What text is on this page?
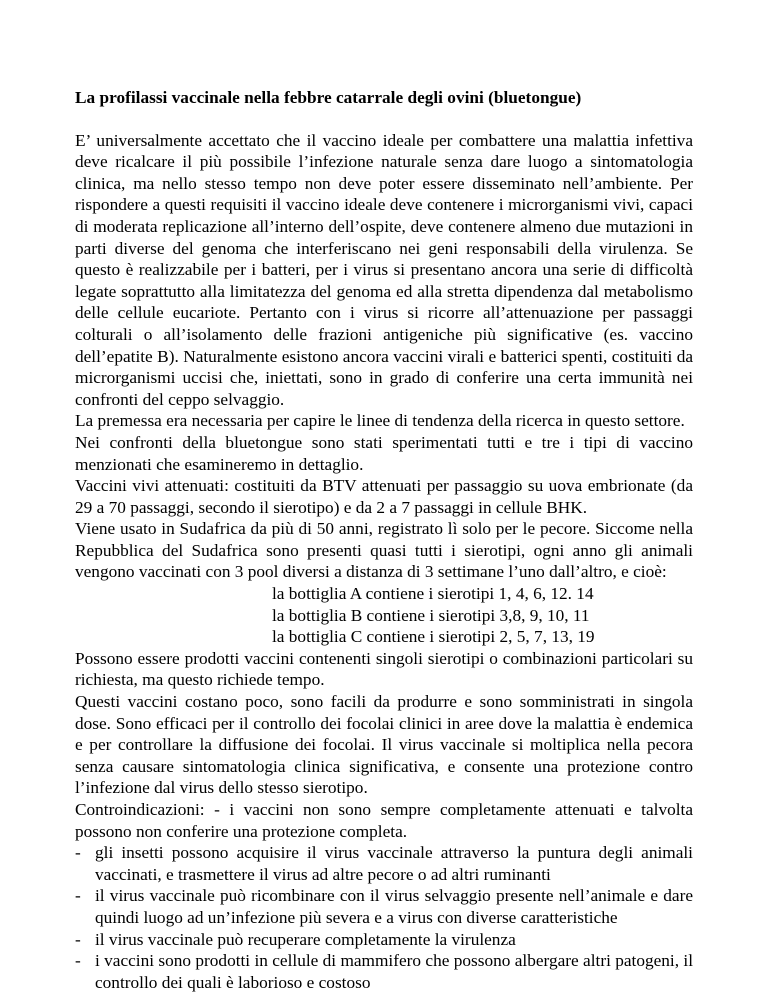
La profilassi vaccinale nella febbre catarrale degli ovini (bluetongue)

E’ universalmente accettato che il vaccino ideale per combattere una malattia infettiva deve ricalcare il più possibile l’infezione naturale senza dare luogo a sintomatologia clinica, ma nello stesso tempo non deve poter essere disseminato nell’ambiente. Per rispondere a questi requisiti il vaccino ideale deve contenere i microrganismi vivi, capaci di moderata replicazione all’interno dell’ospite, deve contenere almeno due mutazioni in parti diverse del genoma che interferiscano nei geni responsabili della virulenza. Se questo è realizzabile per i batteri, per i virus si presentano ancora una serie di difficoltà legate soprattutto alla limitatezza del genoma ed alla stretta dipendenza dal metabolismo delle cellule eucariote. Pertanto con i virus si ricorre all’attenuazione per passaggi colturali o all’isolamento delle frazioni antigeniche più significative (es. vaccino dell’epatite B). Naturalmente esistono ancora vaccini virali e batterici spenti, costituiti da microrganismi uccisi che, iniettati, sono in grado di conferire una certa immunità nei confronti del ceppo selvaggio.

La premessa era necessaria per capire le linee di tendenza della ricerca in questo settore.

Nei confronti della bluetongue sono stati sperimentati tutti e tre i tipi di vaccino menzionati che esamineremo in dettaglio.

Vaccini vivi attenuati: costituiti da BTV attenuati per passaggio su uova embrionate (da 29 a 70 passaggi, secondo il sierotipo) e da 2 a 7 passaggi in cellule BHK.

Viene usato in Sudafrica da più di 50 anni, registrato lì solo per le pecore. Siccome nella Repubblica del Sudafrica sono presenti quasi tutti i sierotipi, ogni anno gli animali vengono vaccinati con 3 pool diversi a distanza di 3 settimane l’uno dall’altro, e cioè:

la bottiglia A contiene i sierotipi 1, 4, 6, 12. 14
la bottiglia B contiene i sierotipi 3,8, 9, 10, 11
la bottiglia C contiene i sierotipi 2, 5, 7, 13, 19

Possono essere prodotti vaccini contenenti singoli sierotipi o combinazioni particolari su richiesta, ma questo richiede tempo.

Questi vaccini costano poco, sono facili da produrre e sono somministrati in singola dose. Sono efficaci per il controllo dei focolai clinici in aree dove la malattia è endemica e per controllare la diffusione dei focolai. Il virus vaccinale si moltiplica nella pecora senza causare sintomatologia clinica significativa, e consente una protezione contro l’infezione dal virus dello stesso sierotipo.

Controindicazioni: - i vaccini non sono sempre completamente attenuati e talvolta possono non conferire una protezione completa.

- gli insetti possono acquisire il virus vaccinale attraverso la puntura degli animali vaccinati, e trasmettere il virus ad altre pecore o ad altri ruminanti
- il virus vaccinale può ricombinare con il virus selvaggio presente nell’animale e dare quindi luogo ad un’infezione più severa e a virus con diverse caratteristiche
- il virus vaccinale può recuperare completamente la virulenza
- i vaccini sono prodotti in cellule di mammifero che possono albergare altri patogeni, il controllo dei quali è laborioso e costoso
